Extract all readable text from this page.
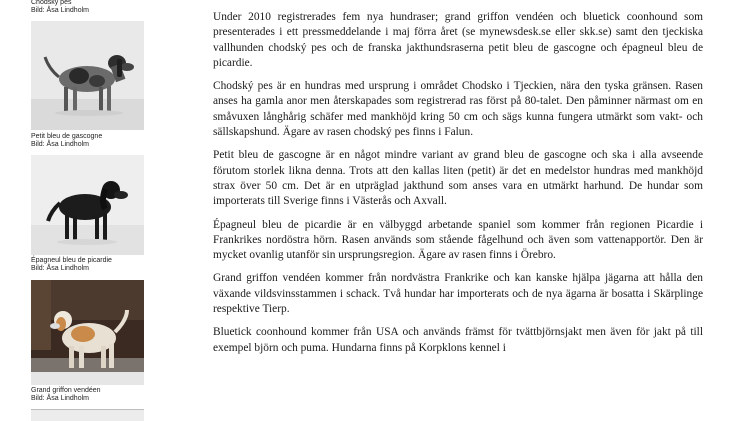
Chodsky pes
Bild: Åsa Lindholm
Petit bleu de gascogne
Bild: Åsa Lindholm
Épagneul bleu de picardie
Bild: Åsa Lindholm
Grand griffon vendéen
Bild: Åsa Lindholm

Under 2010 registrerades fem nya hundraser; grand griffon vendéen och bluetick coonhound som presenterades i ett pressmeddelande i maj förra året (se mynewsdesk.se eller skk.se) samt den tjeckiska vallhunden chodský pes och de franska jakthundsraserna petit bleu de gascogne och épagneul bleu de picardie.

Chodský pes är en hundras med ursprung i området Chodsko i Tjeckien, nära den tyska gränsen. Rasen anses ha gamla anor men återskapades som registrerad ras först på 80-talet. Den påminner närmast om en småvuxen långhårig schäfer med mankhöjd kring 50 cm och sägs kunna fungera utmärkt som vakt- och sällskapshund. Ägare av rasen chodský pes finns i Falun.

Petit bleu de gascogne är en något mindre variant av grand bleu de gascogne och ska i alla avseende förutom storlek likna denna. Trots att den kallas liten (petit) är det en medelstor hundras med mankhöjd strax över 50 cm. Det är en utpräglad jakthund som anses vara en utmärkt harhund. De hundar som importerats till Sverige finns i Västerås och Axvall.

Épagneul bleu de picardie är en välbyggd arbetande spaniel som kommer från regionen Picardie i Frankrikes nordöstra hörn. Rasen används som stående fågelhund och även som vattenapportör. Den är mycket ovanlig utanför sin ursprungsregion. Ägare av rasen finns i Örebro.

Grand griffon vendéen kommer från nordvästra Frankrike och kan kanske hjälpa jägarna att hålla den växande vildsvinsstammen i schack. Två hundar har importerats och de nya ägarna är bosatta i Skärplinge respektive Tierp.

Bluetick coonhound kommer från USA och används främst för tvättbjörnsjakt men även för jakt på till exempel björn och puma. Hundarna finns på Korpklons kennel i
